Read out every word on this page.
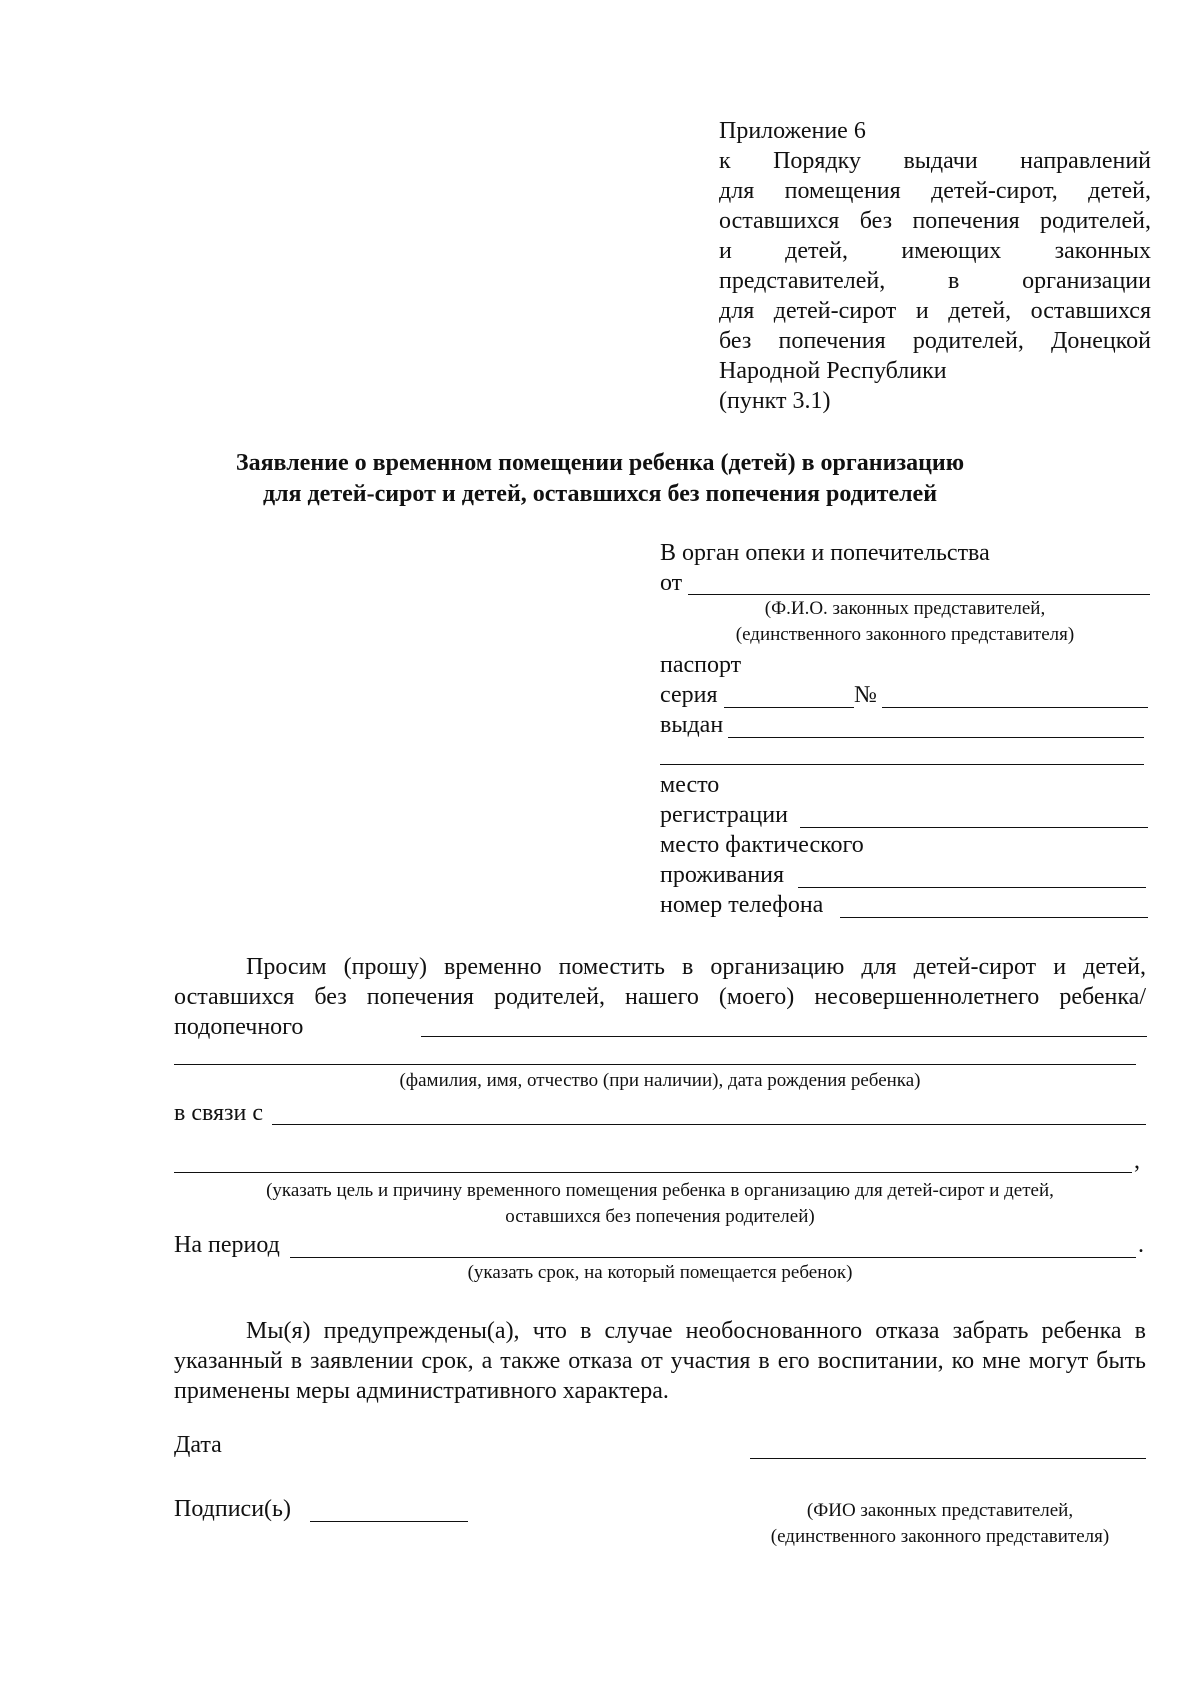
Приложение 6
к Порядку выдачи направлений
для помещения детей-сирот, детей,
оставшихся без попечения родителей,
и детей, имеющих законных
представителей, в организации
для детей-сирот и детей, оставшихся
без попечения родителей, Донецкой
Народной Республики
(пункт 3.1)
Заявление о временном помещении ребенка (детей) в организацию
для детей-сирот и детей, оставшихся без попечения родителей
В орган опеки и попечительства
от
(Ф.И.О. законных представителей,
(единственного законного представителя)
паспорт
серия	№
выдан
место
регистрации
место фактического
проживания
номер телефона
Просим (прошу) временно поместить в организацию для детей-сирот и детей, оставшихся без попечения родителей, нашего (моего) несовершеннолетнего ребенка/подопечного
(фамилия, имя, отчество (при наличии), дата рождения ребенка)
в связи с
,
(указать цель и причину временного помещения ребенка в организацию для детей-сирот и детей,
оставшихся без попечения родителей)
На период	.
(указать срок, на который помещается ребенок)
Мы(я) предупреждены(а), что в случае необоснованного отказа забрать ребенка в указанный в заявлении срок, а также отказа от участия в его воспитании, ко мне могут быть применены меры административного характера.
Дата
Подписи(ь)	(ФИО законных представителей,
(единственного законного представителя)
